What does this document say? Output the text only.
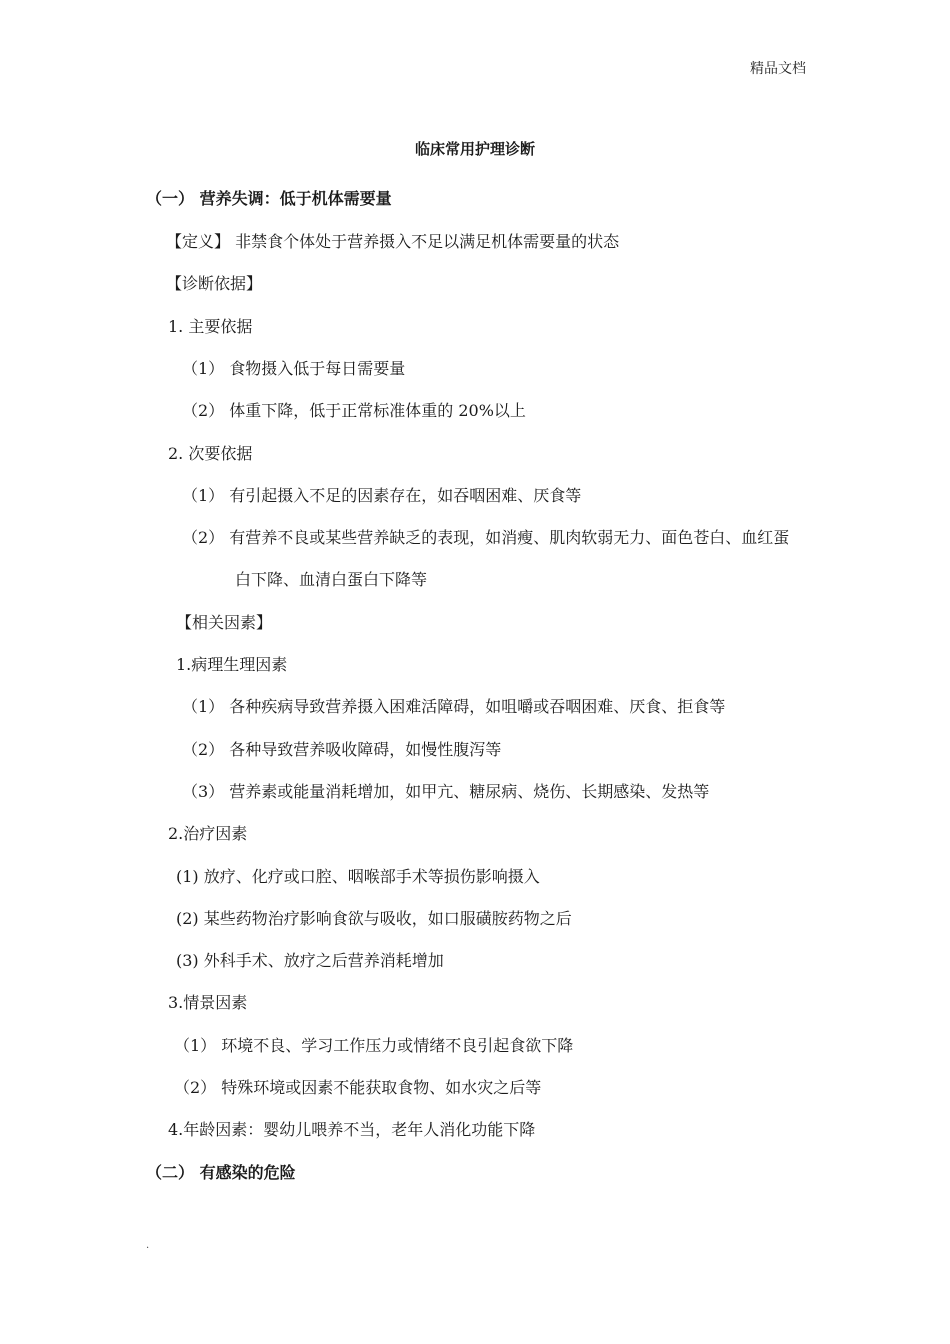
精品文档
临床常用护理诊断
（一） 营养失调：低于机体需要量
【定义】 非禁食个体处于营养摄入不足以满足机体需要量的状态
【诊断依据】
1. 主要依据
（1） 食物摄入低于每日需要量
（2） 体重下降，低于正常标准体重的 20%以上
2. 次要依据
（1） 有引起摄入不足的因素存在，如吞咽困难、厌食等
（2） 有营养不良或某些营养缺乏的表现，如消瘦、肌肉软弱无力、面色苍白、血红蛋
白下降、血清白蛋白下降等
【相关因素】
1.病理生理因素
（1） 各种疾病导致营养摄入困难活障碍，如咀嚼或吞咽困难、厌食、拒食等
（2） 各种导致营养吸收障碍，如慢性腹泻等
（3） 营养素或能量消耗增加，如甲亢、糖尿病、烧伤、长期感染、发热等
2.治疗因素
(1) 放疗、化疗或口腔、咽喉部手术等损伤影响摄入
(2) 某些药物治疗影响食欲与吸收，如口服磺胺药物之后
(3) 外科手术、放疗之后营养消耗增加
3.情景因素
（1） 环境不良、学习工作压力或情绪不良引起食欲下降
（2） 特殊环境或因素不能获取食物、如水灾之后等
4.年龄因素：婴幼儿喂养不当，老年人消化功能下降
（二） 有感染的危险
.
